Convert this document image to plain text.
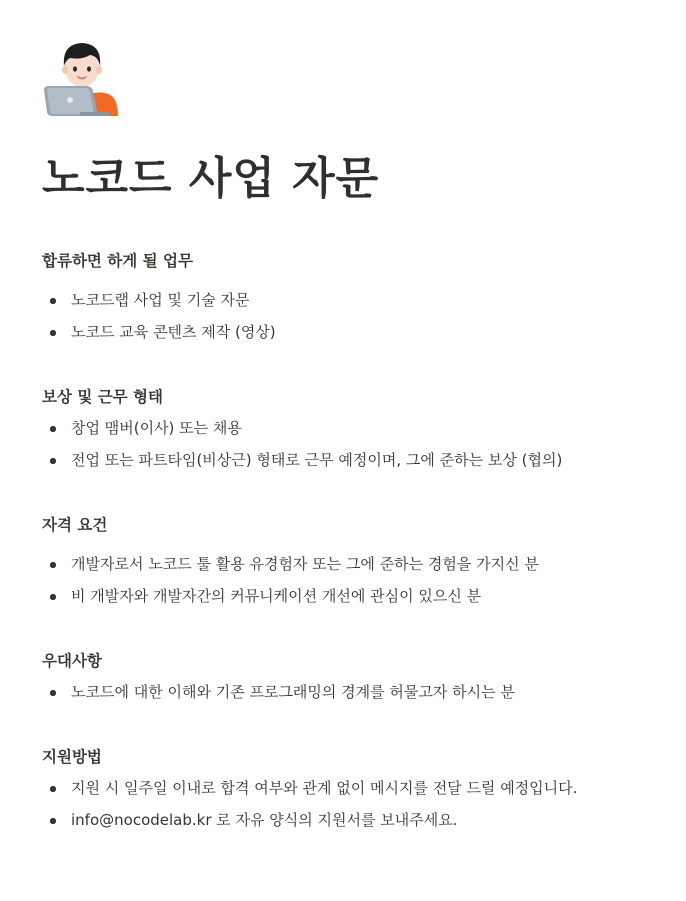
노코드 사업 자문
합류하면 하게 될 업무
노코드랩 사업 및 기술 자문
노코드 교육 콘텐츠 제작 (영상)
보상 및 근무 형태
창업 맴버(이사) 또는 채용
전업 또는 파트타임(비상근) 형태로 근무 예정이며, 그에 준하는 보상 (협의)
자격 요건
개발자로서 노코드 툴 활용 유경험자 또는 그에 준하는 경험을 가지신 분
비 개발자와 개발자간의 커뮤니케이션 개선에 관심이 있으신 분
우대사항
노코드에 대한 이해와 기존 프로그래밍의 경계를 허물고자 하시는 분
지원방법
지원 시 일주일 이내로 합격 여부와 관계 없이 메시지를 전달 드릴 예정입니다.
info@nocodelab.kr 로 자유 양식의 지원서를 보내주세요.
